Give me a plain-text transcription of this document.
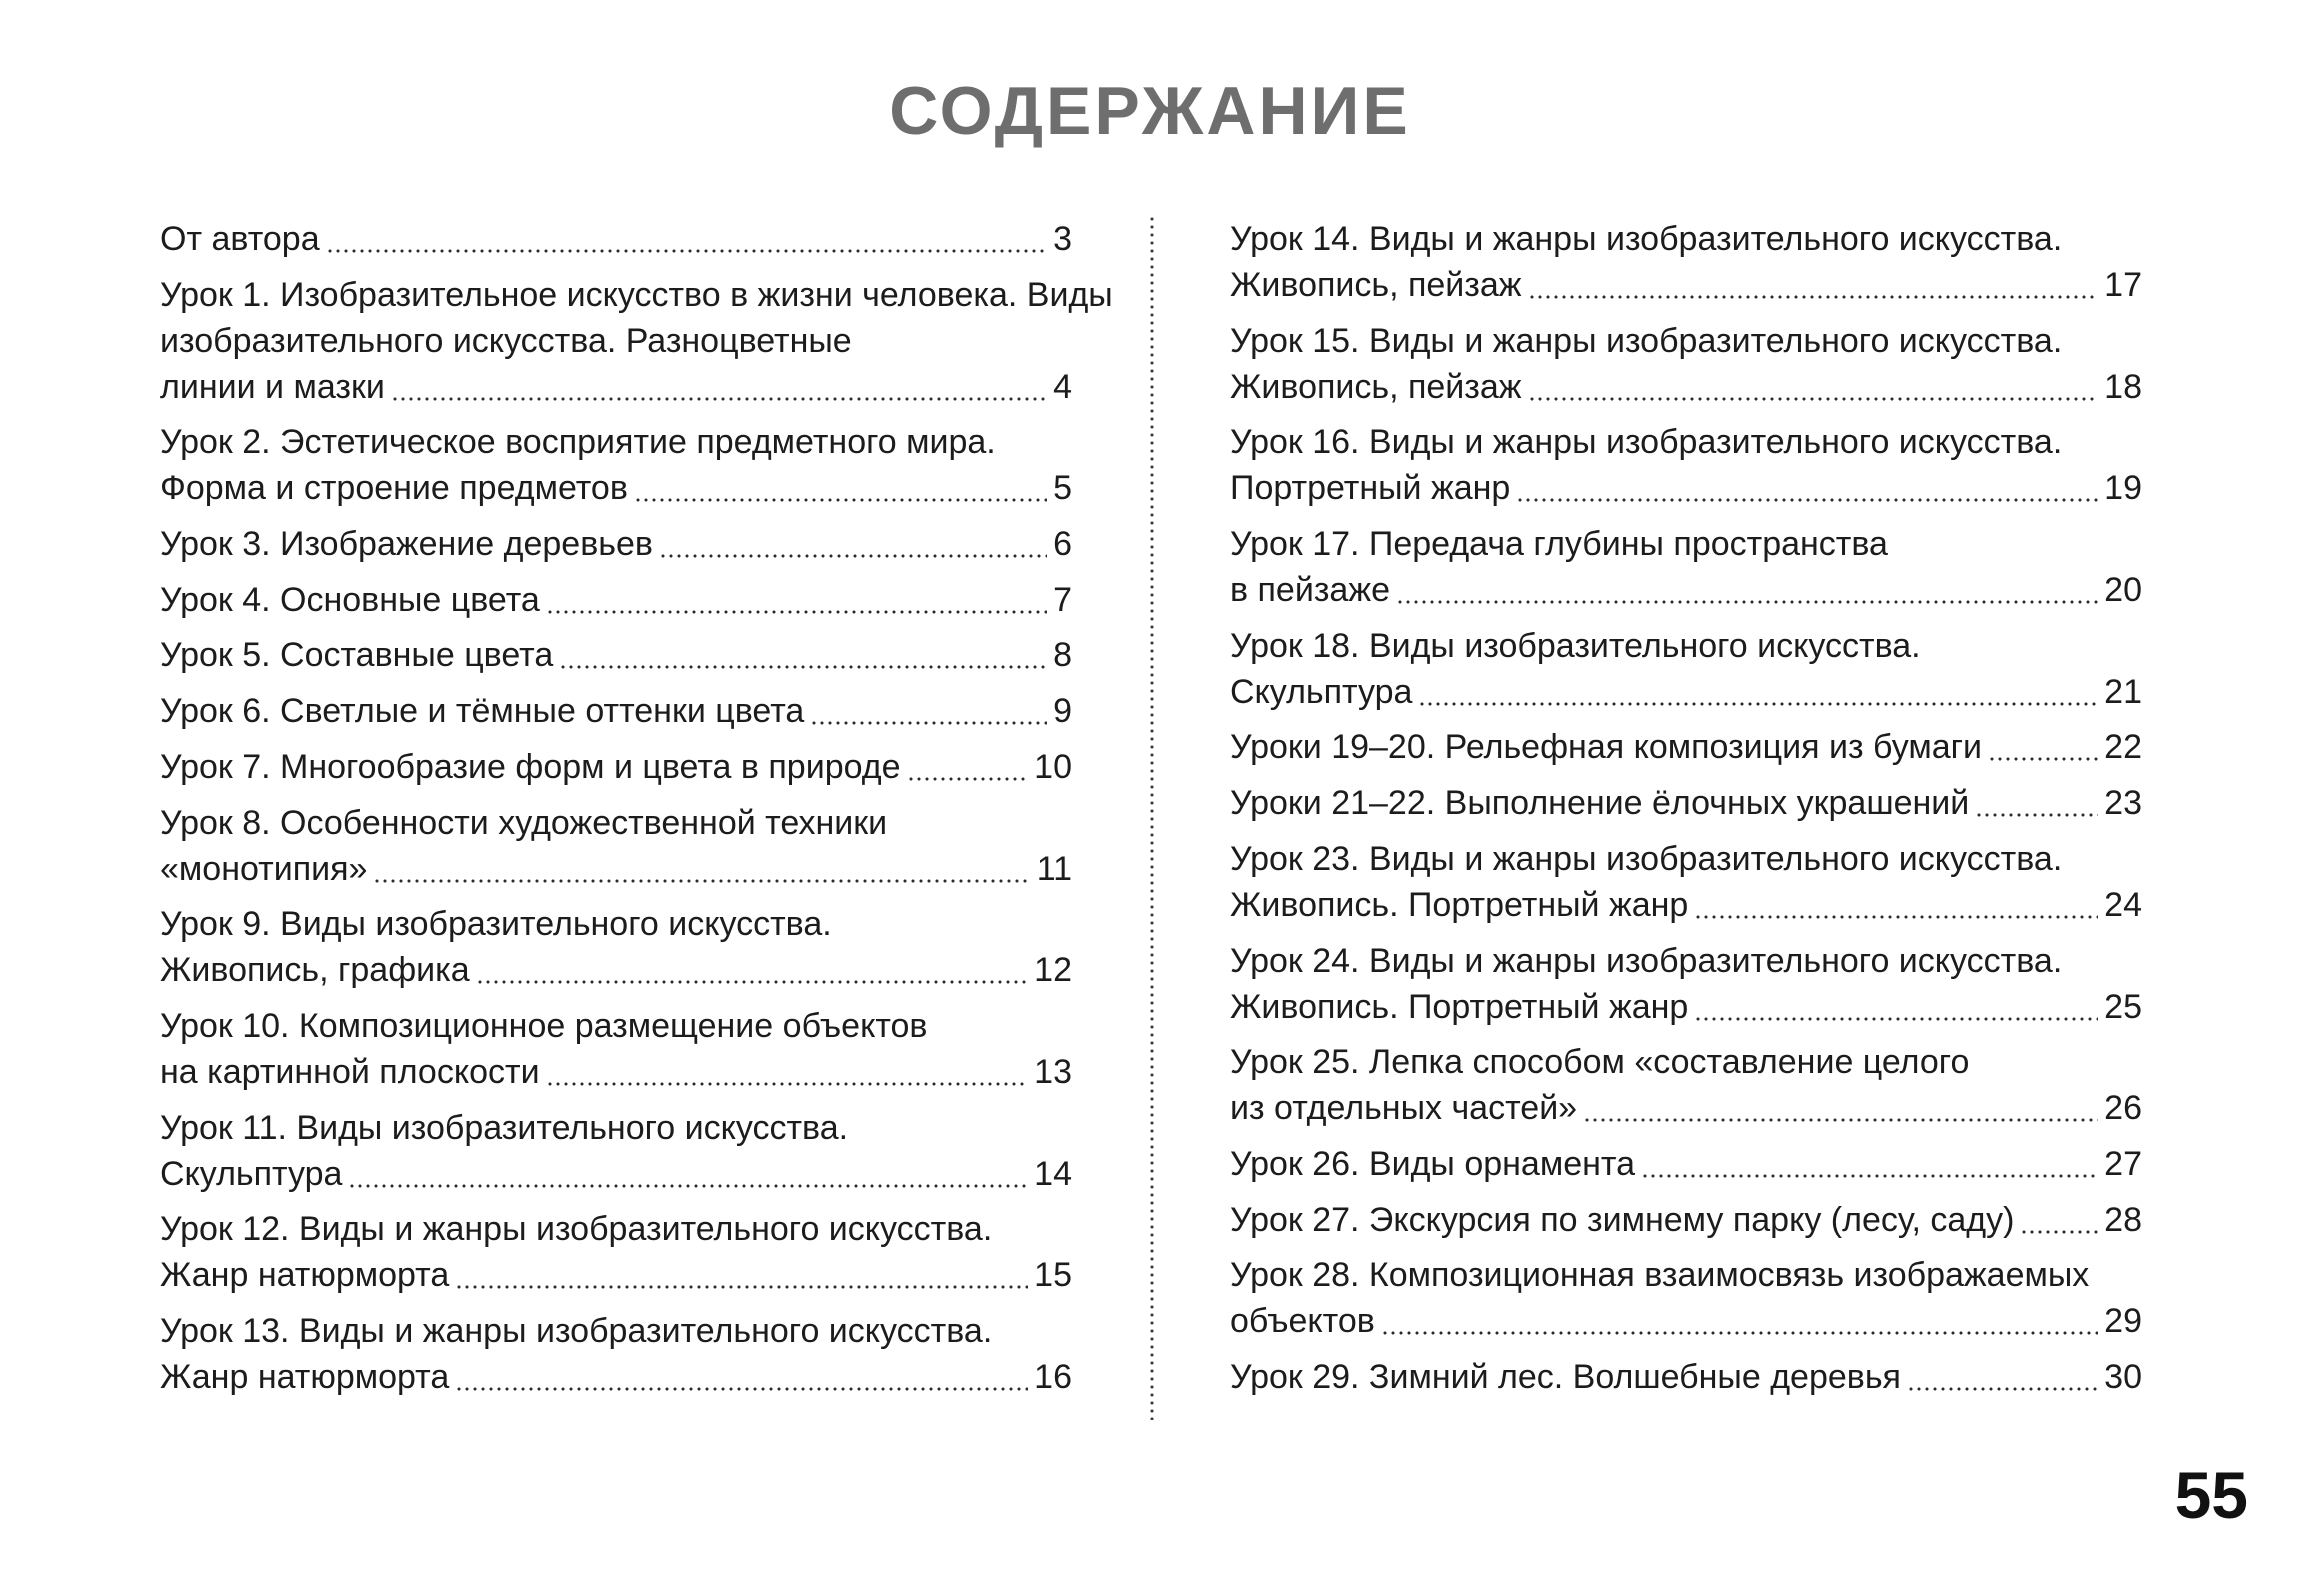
СОДЕРЖАНИЕ
От автора	3
Урок 1. Изобразительное искусство в жизни человека. Виды
изобразительного искусства. Разноцветные
линии и мазки	4
Урок 2. Эстетическое восприятие предметного мира.
Форма и строение предметов	5
Урок 3. Изображение деревьев	6
Урок 4. Основные цвета	7
Урок 5. Составные цвета	8
Урок 6. Светлые и тёмные оттенки цвета	9
Урок 7. Многообразие форм и цвета в природе	10
Урок 8. Особенности художественной техники
«монотипия»	11
Урок 9. Виды изобразительного искусства.
Живопись, графика	12
Урок 10. Композиционное размещение объектов
на картинной плоскости	13
Урок 11. Виды изобразительного искусства.
Скульптура	14
Урок 12. Виды и жанры изобразительного искусства.
Жанр натюрморта	15
Урок 13. Виды и жанры изобразительного искусства.
Жанр натюрморта	16
Урок 14. Виды и жанры изобразительного искусства.
Живопись, пейзаж	17
Урок 15. Виды и жанры изобразительного искусства.
Живопись, пейзаж	18
Урок 16. Виды и жанры изобразительного искусства.
Портретный жанр	19
Урок 17. Передача глубины пространства
в пейзаже	20
Урок 18. Виды изобразительного искусства.
Скульптура	21
Уроки 19–20. Рельефная композиция из бумаги	22
Уроки 21–22. Выполнение ёлочных украшений	23
Урок 23. Виды и жанры изобразительного искусства.
Живопись. Портретный жанр	24
Урок 24. Виды и жанры изобразительного искусства.
Живопись. Портретный жанр	25
Урок 25. Лепка способом «составление целого
из отдельных частей»	26
Урок 26. Виды орнамента	27
Урок 27. Экскурсия по зимнему парку (лесу, саду)	28
Урок 28. Композиционная взаимосвязь изображаемых
объектов	29
Урок 29. Зимний лес. Волшебные деревья	30
55
